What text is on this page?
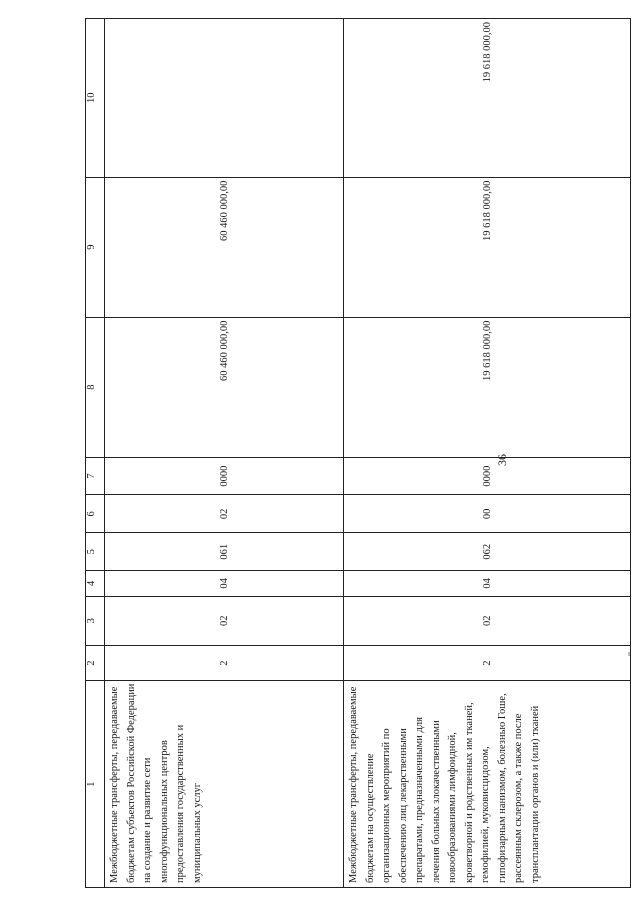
36
1	2	3	4	5	6	7	8	9	10
Межбюджетные трансферты, передаваемые бюджетам субъектов Российской Федерации на создание и развитие сети многофункциональных центров предоставления государственных и муниципальных услуг	2	02	04	061	02	0000	60 460 000,00	60 460 000,00	
Межбюджетные трансферты, передаваемые бюджетам на осуществление организационных мероприятий по обеспечению лиц лекарственными препаратами, предназначенными для лечения больных злокачественными новообразованиями лимфоидной, кроветворной и родственных им тканей, гемофилией, муковисцидозом, гипофизарным нанизмом, болезнью Гоше, рассеянным склерозом, а также после трансплантации органов и (или) тканей	2	02	04	062	00	0000	19 618 000,00	19 618 000,00	19 618 000,00
